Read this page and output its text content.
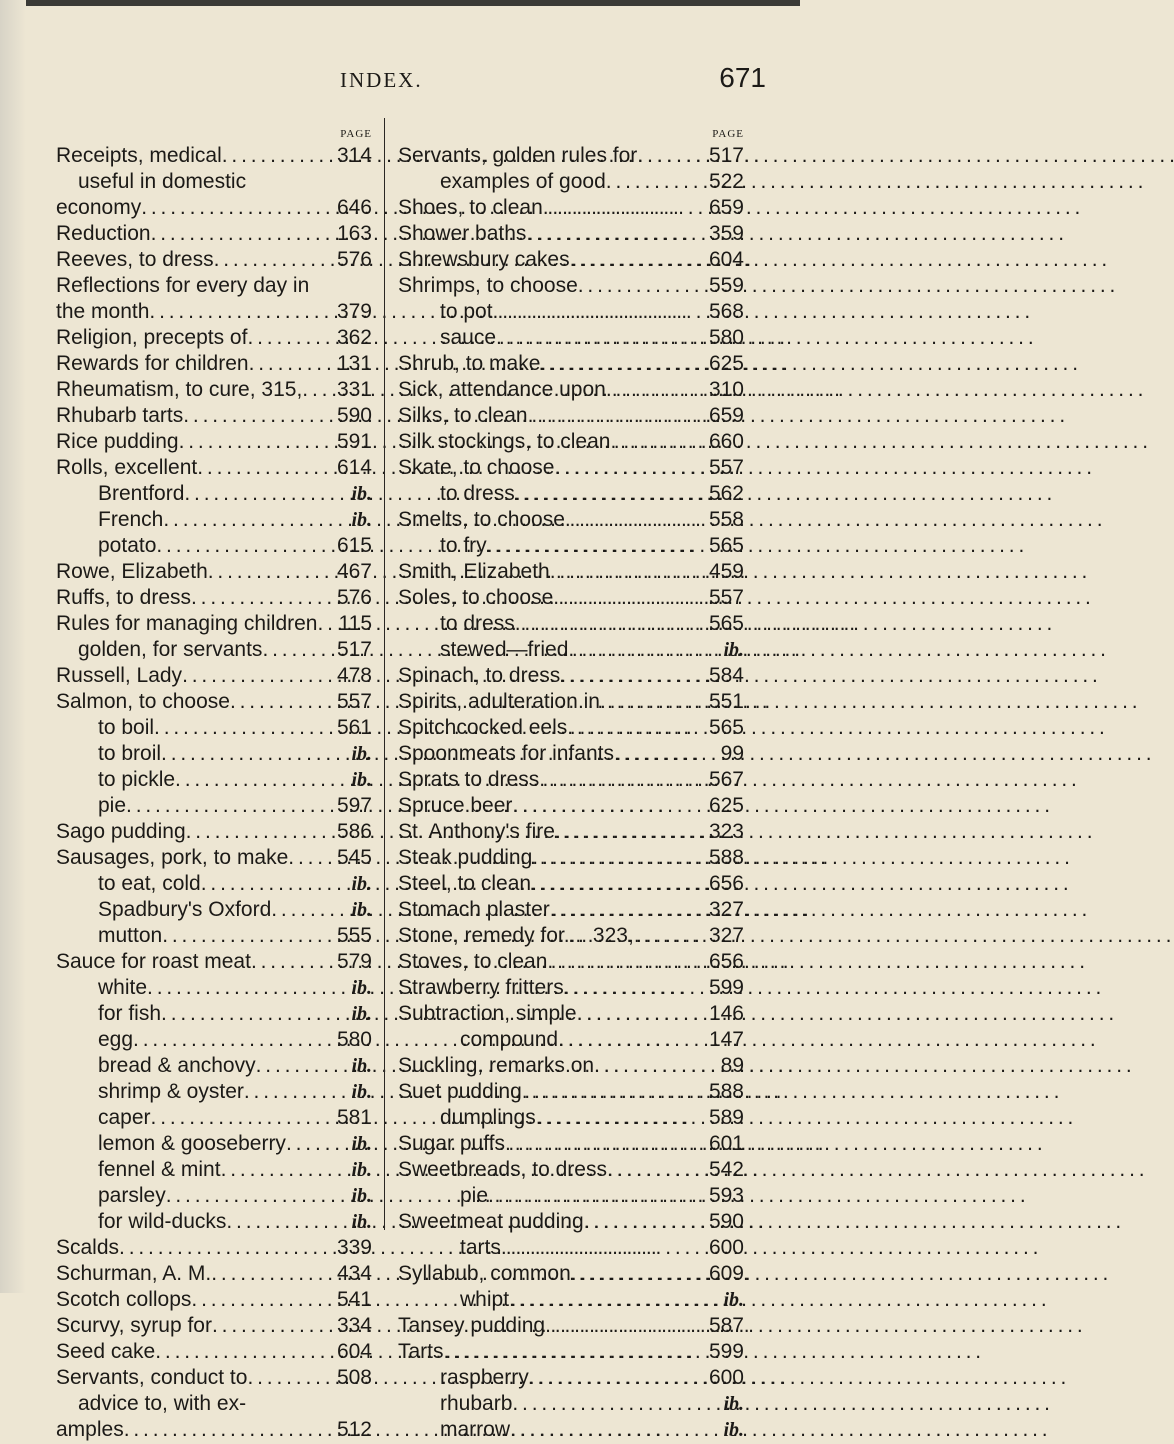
INDEX.	671
PAGE
Receipts, medical . . .	314
useful in domestic
economy . . .	646
Reduction . . .	163
Reeves, to dress . . .	576
Reflections for every day in
the month . . .	379
Religion, precepts of . . .	362
Rewards for children . . .	131
Rheumatism, to cure, 315, . . . 331
Rhubarb tarts . . .	590
Rice pudding . . .	591
Rolls, excellent . . .	614
Brentford . . .	ib.
French . . .	ib.
potato . . .	615
Rowe, Elizabeth . . .	467
Ruffs, to dress . . .	576
Rules for managing children . . . 115
golden, for servants . . .	517
Russell, Lady . . .	478
Salmon, to choose . . .	557
to boil . . .	561
to broil . . .	ib.
to pickle . . .	ib.
pie . . .	597
Sago pudding . . .	586
Sausages, pork, to make . . . 545
to eat, cold . . .	ib.
Spadbury's Oxford . . .	ib.
mutton . . .	555
Sauce for roast meat . . .	579
white . . .	ib.
for fish . . .	ib.
egg . . .	580
bread & anchovy . . .	ib.
shrimp & oyster . . .	ib.
caper . . .	581
lemon & gooseberry . . .	ib.
fennel & mint . . .	ib.
parsley . . .	ib.
for wild-ducks . . .	ib.
Scalds . . .	339
Schurman, A. M. . . .	434
Scotch collops . . .	541
Scurvy, syrup for . . .	334
Seed cake . . .	604
Servants, conduct to . . .	508
advice to, with ex-
amples . . .	512
PAGE
Servants, golden rules for . . .	517
examples of good . . .	522
Shoes, to clean . . .	659
Shower baths . . .	359
Shrewsbury cakes . . .	604
Shrimps, to choose . . .	559
to pot . . .	568
sauce . . .	580
Shrub, to make . . .	625
Sick, attendance upon . . .	310
Silks, to clean . . .	659
Silk stockings, to clean . . .	660
Skate, to choose . . .	557
to dress . . .	562
Smelts, to choose . . .	558
to fry . . .	565
Smith, Elizabeth . . .	459
Soles, to choose . . .	557
to dress . . .	565
stewed—fried . . .	ib.
Spinach, to dress . . .	584
Spirits, adulteration in . . .	551
Spitchcocked eels . . .	565
Spoonmeats for infants . . .	99
Sprats to dress . . .	567
Spruce beer . . .	625
St. Anthony's fire . . .	323
Steak pudding . . .	588
Steel, to clean . . .	656
Stomach plaster . . .	327
Stone, remedy for.... 323, . . .	327
Stoves, to clean . . .	656
Strawberry fritters . . .	599
Subtraction, simple . . .	146
compound . . .	147
Suckling, remarks on . . .	89
Suet pudding . . .	588
dumplings . . .	589
Sugar puffs . . .	601
Sweetbreads, to dress . . .	542
pie . . .	593
Sweetmeat pudding . . .	590
tarts . . .	600
Syllabub, common . . .	609
whipt . . .	ib.
Tansey pudding . . .	587
Tarts . . .	599
raspberry . . .	600
rhubarb . . .	ib.
marrow . . .	ib.
